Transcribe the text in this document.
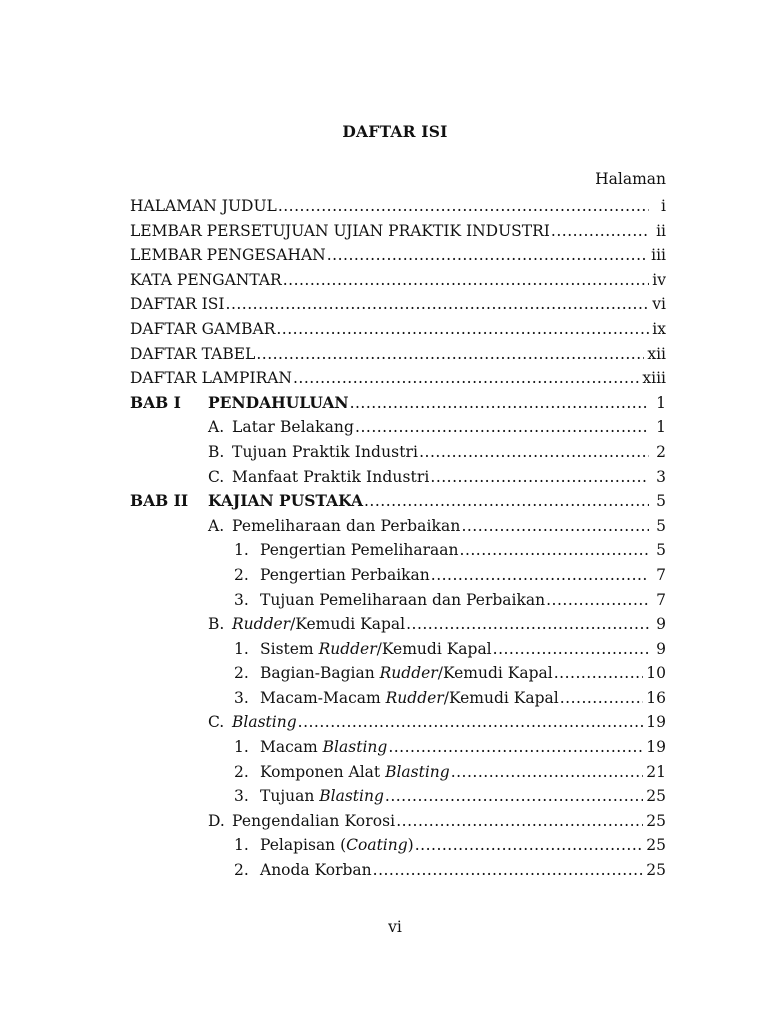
DAFTAR ISI
Halaman
HALAMAN JUDUL .....	i
LEMBAR PERSETUJUAN UJIAN PRAKTIK INDUSTRI .....	ii
LEMBAR PENGESAHAN .....	iii
KATA PENGANTAR .....	iv
DAFTAR ISI .....	vi
DAFTAR GAMBAR .....	ix
DAFTAR TABEL .....	xii
DAFTAR LAMPIRAN .....	xiii
BAB I PENDAHULUAN .....	1
A. Latar Belakang .....	1
B. Tujuan Praktik Industri .....	2
C. Manfaat Praktik Industri .....	3
BAB II KAJIAN PUSTAKA .....	5
A. Pemeliharaan dan Perbaikan .....	5
1. Pengertian Pemeliharaan .....	5
2. Pengertian Perbaikan .....	7
3. Tujuan Pemeliharaan dan Perbaikan .....	7
B. Rudder/Kemudi Kapal .....	9
1. Sistem Rudder/Kemudi Kapal .....	9
2. Bagian-Bagian Rudder/Kemudi Kapal .....	10
3. Macam-Macam Rudder/Kemudi Kapal .....	16
C. Blasting .....	19
1. Macam Blasting .....	19
2. Komponen Alat Blasting .....	21
3. Tujuan Blasting .....	25
D. Pengendalian Korosi .....	25
1. Pelapisan (Coating) .....	25
2. Anoda Korban .....	25
vi
